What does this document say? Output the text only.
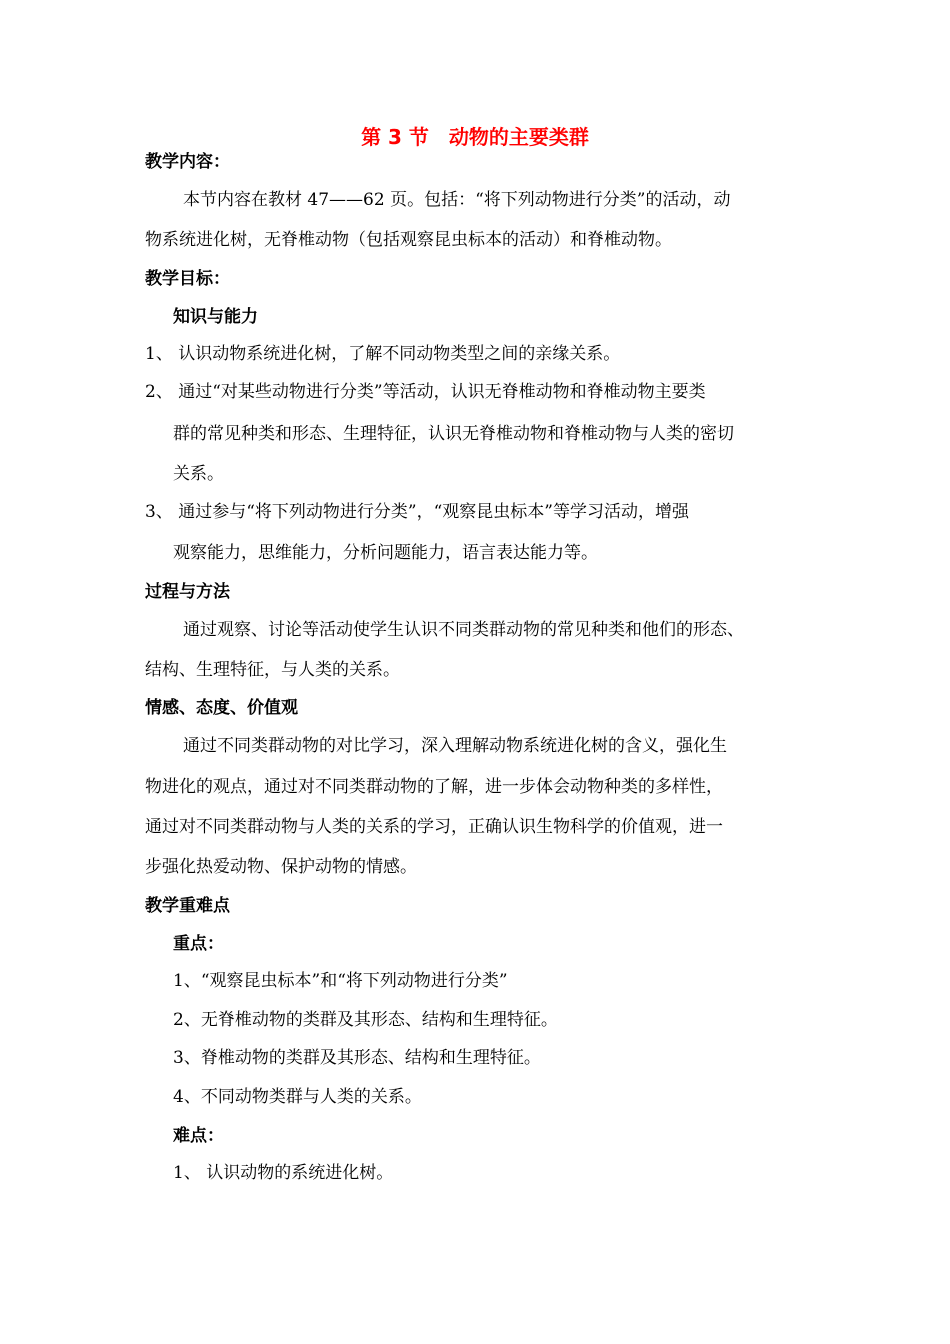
第 3 节　动物的主要类群
教学内容：
本节内容在教材 47——62 页。包括：“将下列动物进行分类”的活动，动
物系统进化树，无脊椎动物（包括观察昆虫标本的活动）和脊椎动物。
教学目标：
知识与能力
1、 认识动物系统进化树，了解不同动物类型之间的亲缘关系。
2、 通过“对某些动物进行分类”等活动，认识无脊椎动物和脊椎动物主要类
群的常见种类和形态、生理特征，认识无脊椎动物和脊椎动物与人类的密切
关系。
3、 通过参与“将下列动物进行分类”，“观察昆虫标本”等学习活动，增强
观察能力，思维能力，分析问题能力，语言表达能力等。
过程与方法
通过观察、讨论等活动使学生认识不同类群动物的常见种类和他们的形态、
结构、生理特征，与人类的关系。
情感、态度、价值观
通过不同类群动物的对比学习，深入理解动物系统进化树的含义，强化生
物进化的观点，通过对不同类群动物的了解，进一步体会动物种类的多样性，
通过对不同类群动物与人类的关系的学习，正确认识生物科学的价值观，进一
步强化热爱动物、保护动物的情感。
教学重难点
重点：
1、“观察昆虫标本”和“将下列动物进行分类”
2、无脊椎动物的类群及其形态、结构和生理特征。
3、脊椎动物的类群及其形态、结构和生理特征。
4、不同动物类群与人类的关系。
难点：
1、 认识动物的系统进化树。
